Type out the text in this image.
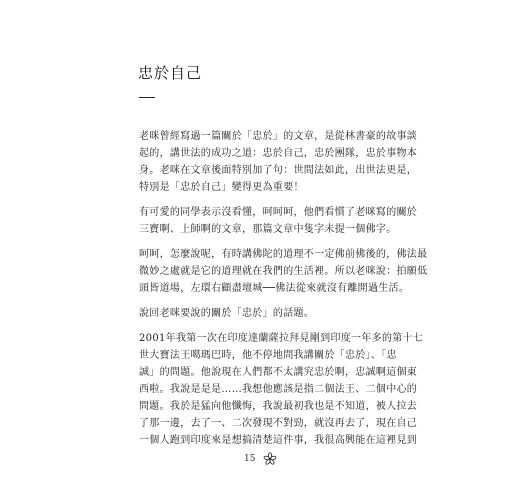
忠於自己
老咪曾經寫過一篇關於「忠於」的文章，是從林書豪的故事談
起的，講世法的成功之道：忠於自己，忠於團隊，忠於事物本
身。老咪在文章後面特別加了句：世間法如此，出世法更是，
特別是「忠於自己」變得更為重要！
有可愛的同學表示沒看懂，呵呵呵，他們看慣了老咪寫的關於
三寶啊、上師啊的文章，那篇文章中隻字未提一個佛字。
呵呵，怎麼說呢，有時講佛陀的道理不一定佛前佛後的，佛法最
微妙之處就是它的道理就在我們的生活裡。所以老咪說：拍願低
頭皆道場，左環右顧盡壇城──佛法從來就沒有離開過生活。
說回老咪要說的關於「忠於」的話題。
2001年我第一次在印度達蘭薩拉拜見剛到印度一年多的第十七
世大寶法王噶瑪巴時，他不停地問我講關於「忠於」、「忠
誠」的問題。他說現在人們都不太講究忠於啊，忠誠啊這個東
西啦。我說是是是……我想他應該是指二個法王、二個中心的
問題。我於是猛向他懺悔，我說最初我也是不知道，被人拉去
了那一邊，去了一、二次發現不對勁，就沒再去了，現在自己
一個人跑到印度來是想搞清楚這件事，我很高興能在這裡見到
15
